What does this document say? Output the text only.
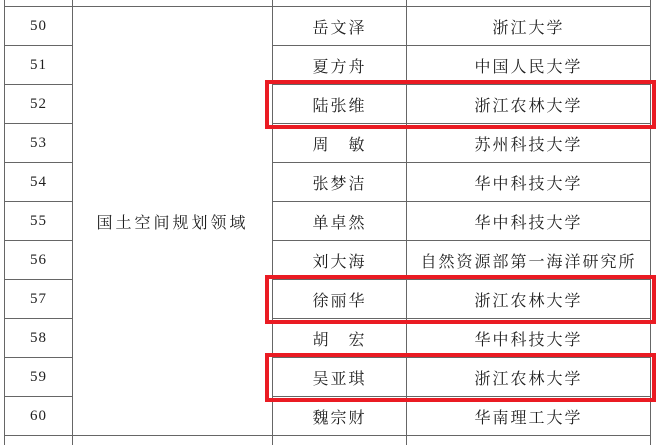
国土空间规划领域
50	岳文泽	浙江大学
51	夏方舟	中国人民大学
52	陆张维	浙江农林大学
53	周　敏	苏州科技大学
54	张梦洁	华中科技大学
55	单卓然	华中科技大学
56	刘大海	自然资源部第一海洋研究所
57	徐丽华	浙江农林大学
58	胡　宏	华中科技大学
59	吴亚琪	浙江农林大学
60	魏宗财	华南理工大学
